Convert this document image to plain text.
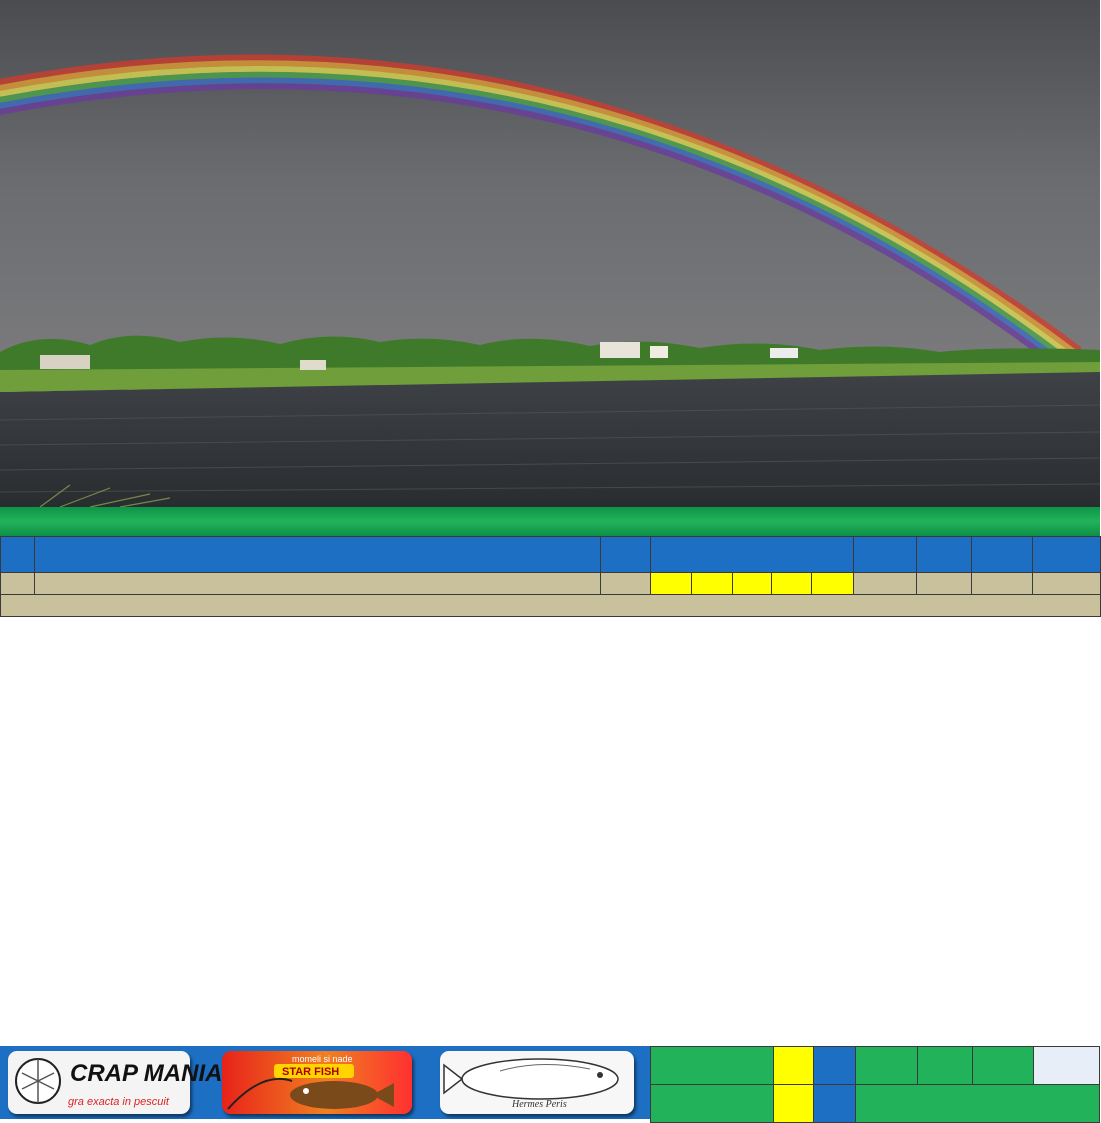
CRAP MANIA
gra exacta in pescuit
momeli si nade
STAR FISH
Hermes Peris
